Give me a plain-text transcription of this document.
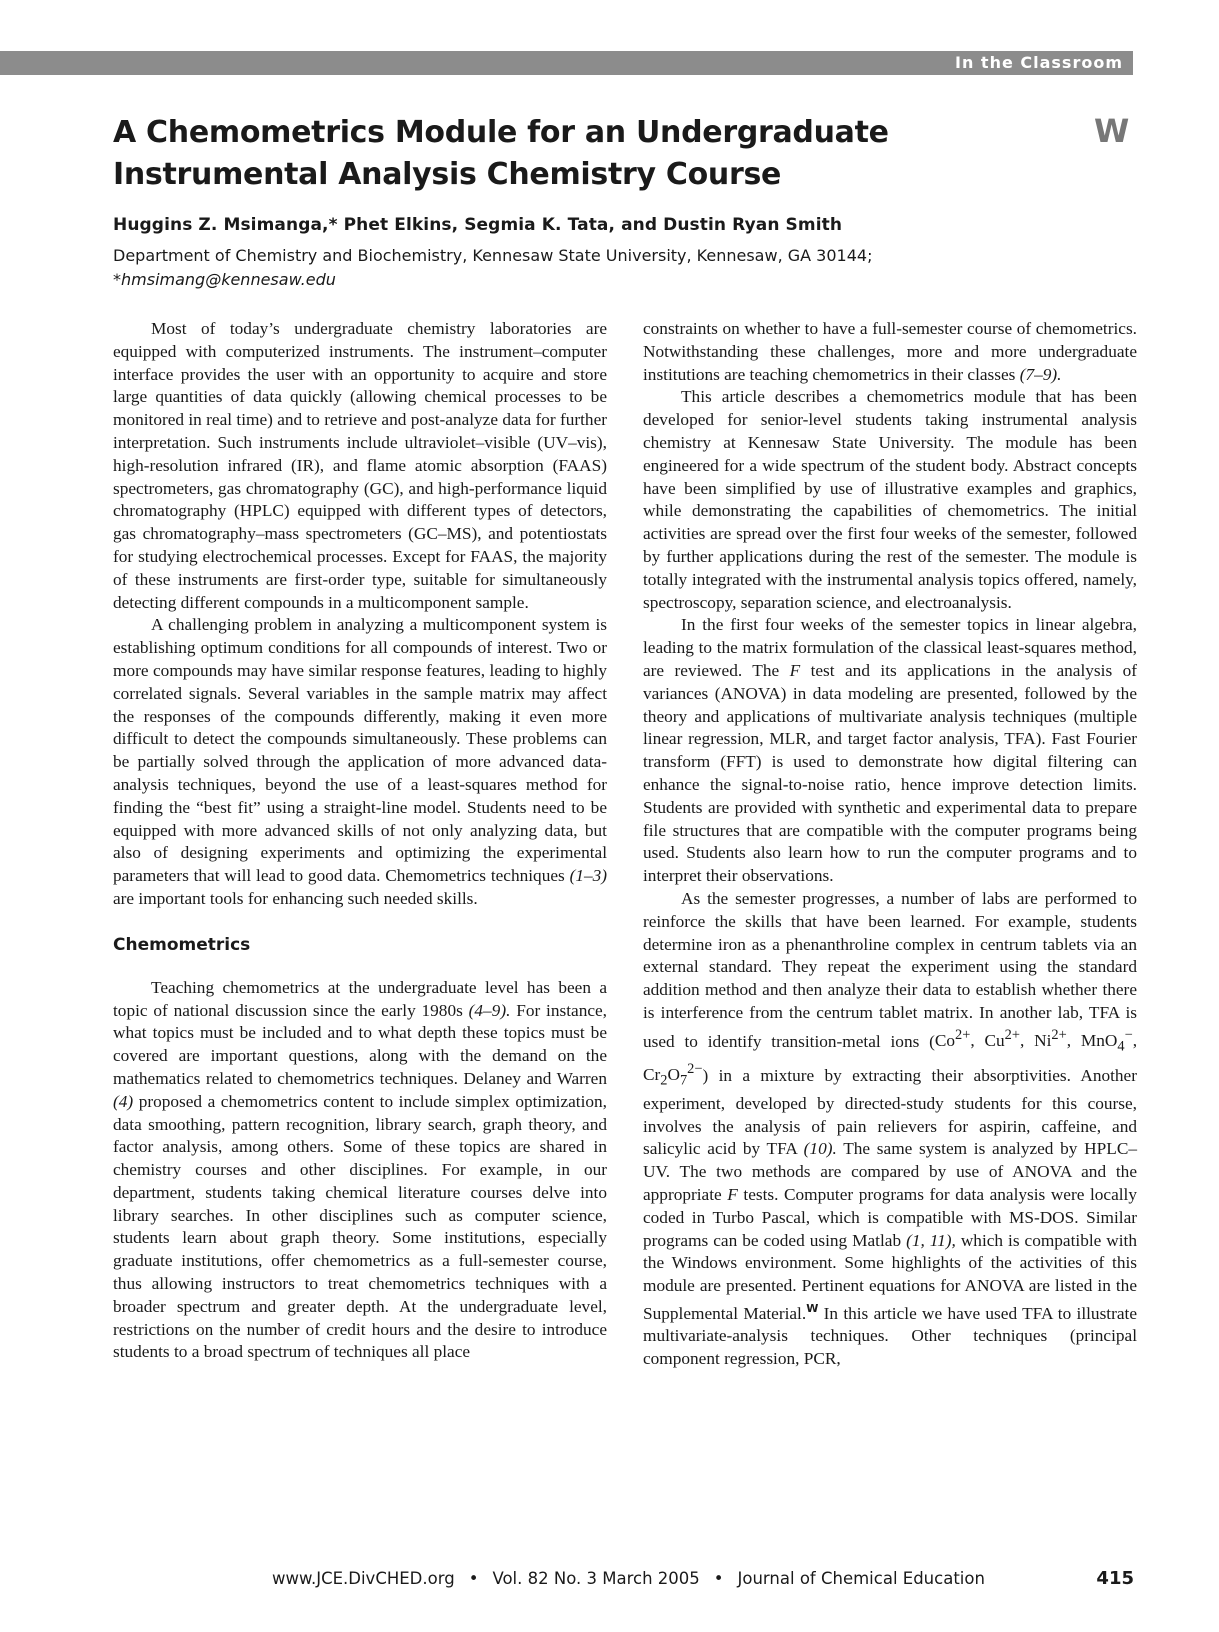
In the Classroom
A Chemometrics Module for an Undergraduate
Instrumental Analysis Chemistry Course
W

Huggins Z. Msimanga,* Phet Elkins, Segmia K. Tata, and Dustin Ryan Smith

Department of Chemistry and Biochemistry, Kennesaw State University, Kennesaw, GA 30144;
*hmsimang@kennesaw.edu

Most of today’s undergraduate chemistry laboratories are equipped with computerized instruments. The instrument–computer interface provides the user with an opportunity to acquire and store large quantities of data quickly (allowing chemical processes to be monitored in real time) and to retrieve and post-analyze data for further interpretation. Such instruments include ultraviolet–visible (UV–vis), high-resolution infrared (IR), and flame atomic absorption (FAAS) spectrometers, gas chromatography (GC), and high-performance liquid chromatography (HPLC) equipped with different types of detectors, gas chromatography–mass spectrometers (GC–MS), and potentiostats for studying electrochemical processes. Except for FAAS, the majority of these instruments are first-order type, suitable for simultaneously detecting different compounds in a multicomponent sample.

A challenging problem in analyzing a multicomponent system is establishing optimum conditions for all compounds of interest. Two or more compounds may have similar response features, leading to highly correlated signals. Several variables in the sample matrix may affect the responses of the compounds differently, making it even more difficult to detect the compounds simultaneously. These problems can be partially solved through the application of more advanced data-analysis techniques, beyond the use of a least-squares method for finding the “best fit” using a straight-line model. Students need to be equipped with more advanced skills of not only analyzing data, but also of designing experiments and optimizing the experimental parameters that will lead to good data. Chemometrics techniques (1–3) are important tools for enhancing such needed skills.

Chemometrics

Teaching chemometrics at the undergraduate level has been a topic of national discussion since the early 1980s (4–9). For instance, what topics must be included and to what depth these topics must be covered are important questions, along with the demand on the mathematics related to chemometrics techniques. Delaney and Warren (4) proposed a chemometrics content to include simplex optimization, data smoothing, pattern recognition, library search, graph theory, and factor analysis, among others. Some of these topics are shared in chemistry courses and other disciplines. For example, in our department, students taking chemical literature courses delve into library searches. In other disciplines such as computer science, students learn about graph theory. Some institutions, especially graduate institutions, offer chemometrics as a full-semester course, thus allowing instructors to treat chemometrics techniques with a broader spectrum and greater depth. At the undergraduate level, restrictions on the number of credit hours and the desire to introduce students to a broad spectrum of techniques all place

constraints on whether to have a full-semester course of chemometrics. Notwithstanding these challenges, more and more undergraduate institutions are teaching chemometrics in their classes (7–9).

This article describes a chemometrics module that has been developed for senior-level students taking instrumental analysis chemistry at Kennesaw State University. The module has been engineered for a wide spectrum of the student body. Abstract concepts have been simplified by use of illustrative examples and graphics, while demonstrating the capabilities of chemometrics. The initial activities are spread over the first four weeks of the semester, followed by further applications during the rest of the semester. The module is totally integrated with the instrumental analysis topics offered, namely, spectroscopy, separation science, and electroanalysis.

In the first four weeks of the semester topics in linear algebra, leading to the matrix formulation of the classical least-squares method, are reviewed. The F test and its applications in the analysis of variances (ANOVA) in data modeling are presented, followed by the theory and applications of multivariate analysis techniques (multiple linear regression, MLR, and target factor analysis, TFA). Fast Fourier transform (FFT) is used to demonstrate how digital filtering can enhance the signal-to-noise ratio, hence improve detection limits. Students are provided with synthetic and experimental data to prepare file structures that are compatible with the computer programs being used. Students also learn how to run the computer programs and to interpret their observations.

As the semester progresses, a number of labs are performed to reinforce the skills that have been learned. For example, students determine iron as a phenanthroline complex in centrum tablets via an external standard. They repeat the experiment using the standard addition method and then analyze their data to establish whether there is interference from the centrum tablet matrix. In another lab, TFA is used to identify transition-metal ions ($Co^{2+}$, $Cu^{2+}$, $Ni^{2+}$, MnO$_4$−, $Cr_2O_7^{2-}$) in a mixture by extracting their absorptivities. Another experiment, developed by directed-study students for this course, involves the analysis of pain relievers for aspirin, caffeine, and salicylic acid by TFA (10). The same system is analyzed by HPLC–UV. The two methods are compared by use of ANOVA and the appropriate F tests. Computer programs for data analysis were locally coded in Turbo Pascal, which is compatible with MS-DOS. Similar programs can be coded using Matlab (1, 11), which is compatible with the Windows environment. Some highlights of the activities of this module are presented. Pertinent equations for ANOVA are listed in the Supplemental Material.$^W$ In this article we have used TFA to illustrate multivariate-analysis techniques. Other techniques (principal component regression, PCR,

www.JCE.DivCHED.org • Vol. 82 No. 3 March 2005 • Journal of Chemical Education	415
